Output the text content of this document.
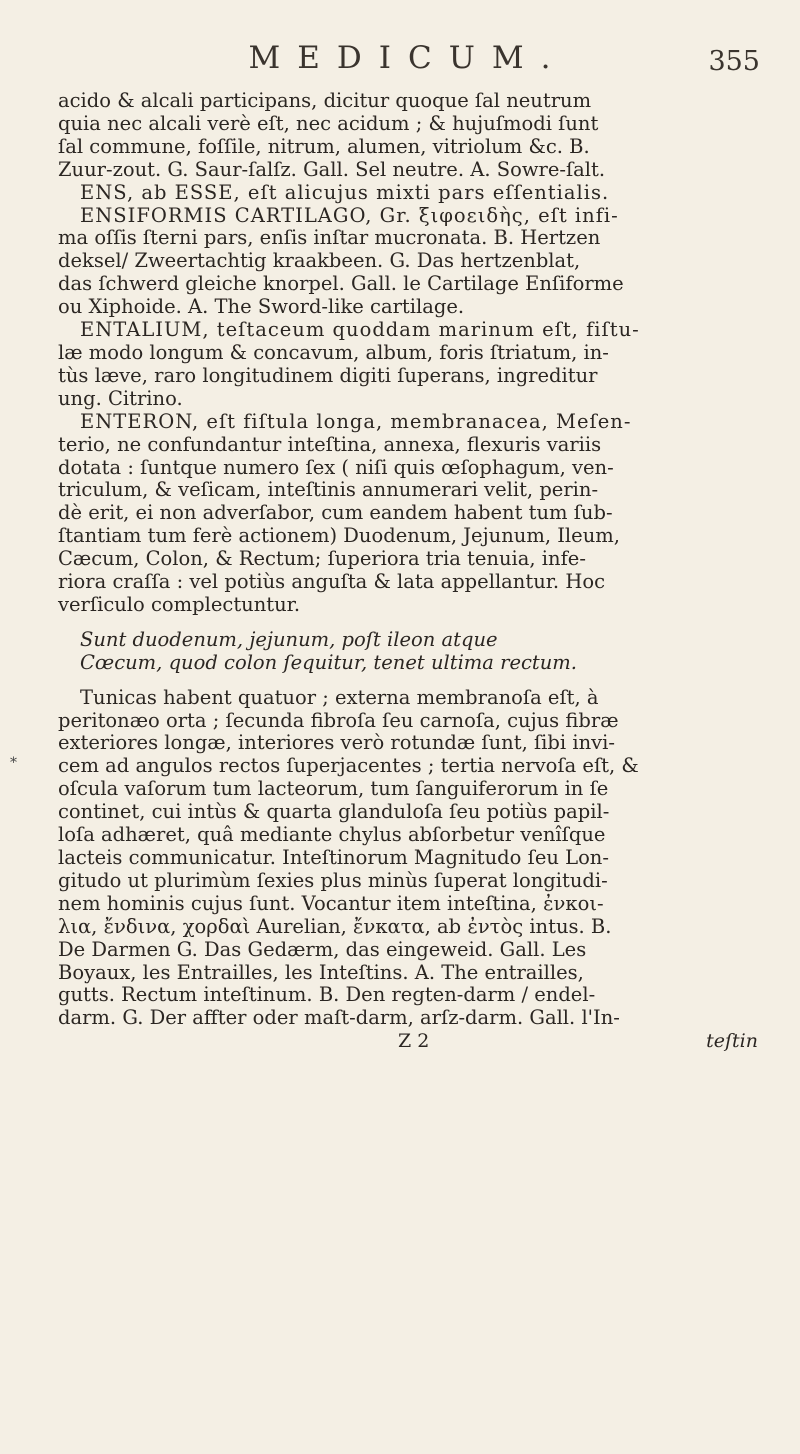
*
MEDICUM.	355
acido & alcali participans, dicitur quoque ſal neutrum
quia nec alcali verè eſt, nec acidum ; & hujuſmodi ſunt
ſal commune, foſſile, nitrum, alumen, vitriolum &c. B.
Zuur-zout. G. Saur-ſalſz. Gall. Sel neutre. A. Sowre-ſalt.
ENS, ab ESSE, eſt alicujus mixti pars eſſentialis.
ENSIFORMIS CARTILAGO, Gr. ξιφοειδὴς, eſt infi-
ma oſſis ſterni pars, enſis inſtar mucronata. B. Hertzen
deksel/ Zweertachtig kraakbeen. G. Das hertzenblat,
das ſchwerd gleiche knorpel. Gall. le Cartilage Enſiforme
ou Xiphoide. A. The Sword-like cartilage.
ENTALIUM, teſtaceum quoddam marinum eſt, fiſtu-
læ modo longum & concavum, album, foris ſtriatum, in-
tùs læve, raro longitudinem digiti ſuperans, ingreditur
ung. Citrino.
ENTERON, eſt fiſtula longa, membranacea, Meſen-
terio, ne confundantur inteſtina, annexa, flexuris variis
dotata : ſuntque numero ſex ( niſi quis œſophagum, ven-
triculum, & veſicam, inteſtinis annumerari velit, perin-
dè erit, ei non adverſabor, cum eandem habent tum ſub-
ſtantiam tum ferè actionem) Duodenum, Jejunum, Ileum,
Cæcum, Colon, & Rectum; ſuperiora tria tenuia, infe-
riora craſſa : vel potiùs anguſta & lata appellantur. Hoc
verſiculo complectuntur.
Sunt duodenum, jejunum, poſt ileon atque
Cœcum, quod colon ſequitur, tenet ultima rectum.
Tunicas habent quatuor ; externa membranoſa eſt, à
peritonæo orta ; ſecunda fibroſa ſeu carnoſa, cujus fibræ
exteriores longæ, interiores verò rotundæ ſunt, ſibi invi-
cem ad angulos rectos ſuperjacentes ; tertia nervoſa eſt, &
oſcula vaſorum tum lacteorum, tum ſanguiferorum in ſe
continet, cui intùs & quarta glanduloſa ſeu potiùs papil-
loſa adhæret, quâ mediante chylus abſorbetur venîſque
lacteis communicatur. Inteſtinorum Magnitudo ſeu Lon-
gitudo ut plurimùm ſexies plus minùs ſuperat longitudi-
nem hominis cujus ſunt. Vocantur item inteſtina, ἐνκοι-
λια, ἔνδινα, χορδαὶ Aurelian, ἔνκατα, ab ἐντὸς intus. B.
De Darmen G. Das Gedærm, das eingeweid. Gall. Les
Boyaux, les Entrailles, les Inteſtins. A. The entrailles,
gutts. Rectum inteſtinum. B. Den regten-darm / endel-
darm. G. Der affter oder maſt-darm, arſz-darm. Gall. l'In-
Z 2	teſtin
